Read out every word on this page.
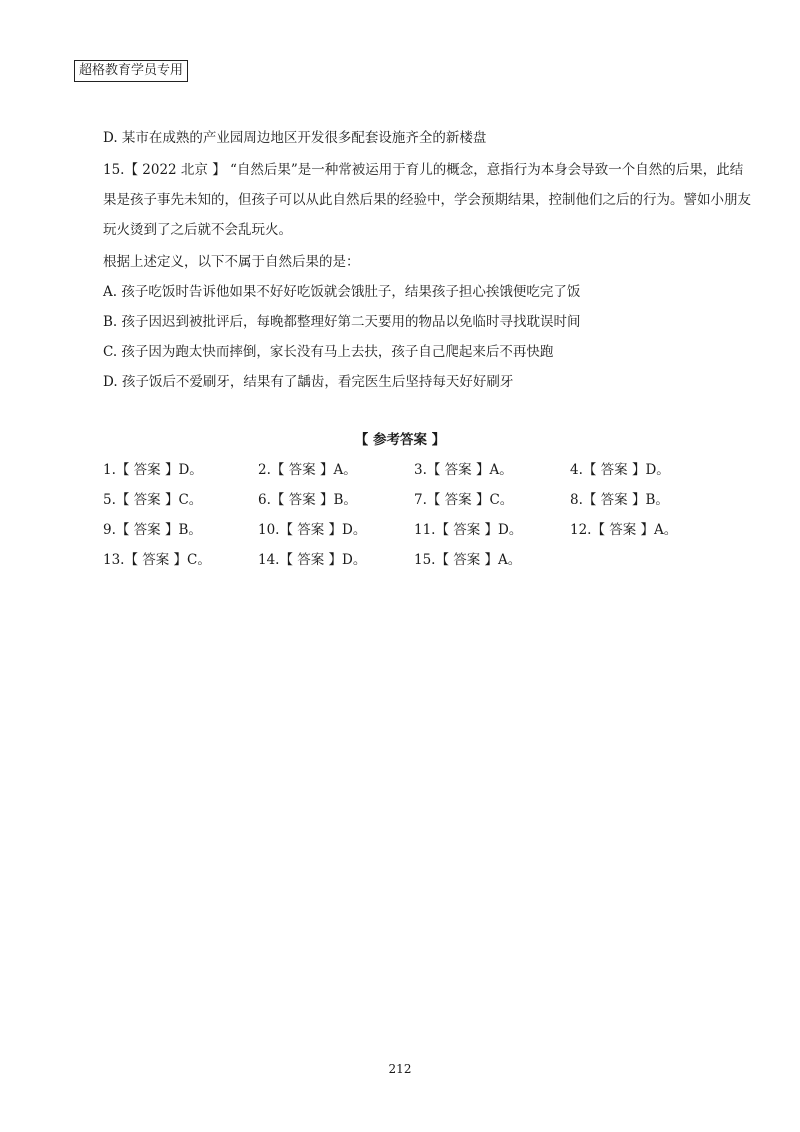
超格教育学员专用
D. 某市在成熟的产业园周边地区开发很多配套设施齐全的新楼盘
15.【 2022 北京 】 “自然后果”是一种常被运用于育儿的概念，意指行为本身会导致一个自然的后果，此结
果是孩子事先未知的，但孩子可以从此自然后果的经验中，学会预期结果，控制他们之后的行为。譬如小朋友
玩火烫到了之后就不会乱玩火。
根据上述定义，以下不属于自然后果的是：
A. 孩子吃饭时告诉他如果不好好吃饭就会饿肚子，结果孩子担心挨饿便吃完了饭
B. 孩子因迟到被批评后，每晚都整理好第二天要用的物品以免临时寻找耽误时间
C. 孩子因为跑太快而摔倒，家长没有马上去扶，孩子自己爬起来后不再快跑
D. 孩子饭后不爱刷牙，结果有了龋齿，看完医生后坚持每天好好刷牙
【 参考答案 】
1.【 答案 】D。	2.【 答案 】A。	3.【 答案 】A。	4.【 答案 】D。
5.【 答案 】C。	6.【 答案 】B。	7.【 答案 】C。	8.【 答案 】B。
9.【 答案 】B。	10.【 答案 】D。	11.【 答案 】D。	12.【 答案 】A。
13.【 答案 】C。	14.【 答案 】D。	15.【 答案 】A。
212
